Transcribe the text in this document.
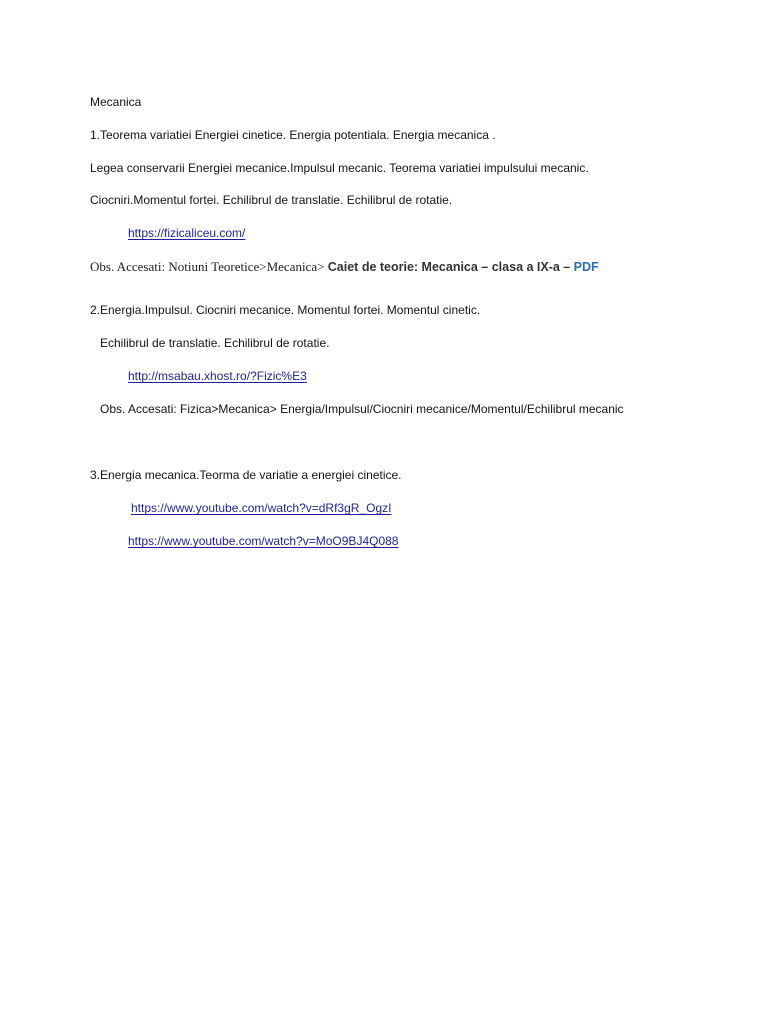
Mecanica
1.Teorema variatiei Energiei cinetice. Energia potentiala. Energia mecanica .
Legea conservarii Energiei mecanice.Impulsul mecanic. Teorema variatiei impulsului mecanic.
Ciocniri.Momentul fortei. Echilibrul de translatie. Echilibrul de rotatie.
https://fizicaliceu.com/
Obs. Accesati: Notiuni Teoretice>Mecanica> Caiet de teorie: Mecanica – clasa a IX-a – PDF
2.Energia.Impulsul. Ciocniri mecanice. Momentul fortei. Momentul cinetic.
Echilibrul de translatie. Echilibrul de rotatie.
http://msabau.xhost.ro/?Fizic%E3
Obs. Accesati: Fizica>Mecanica> Energia/Impulsul/Ciocniri mecanice/Momentul/Echilibrul mecanic
3.Energia mecanica.Teorma de variatie a energiei cinetice.
https://www.youtube.com/watch?v=dRf3gR_OgzI
https://www.youtube.com/watch?v=MoO9BJ4Q088
